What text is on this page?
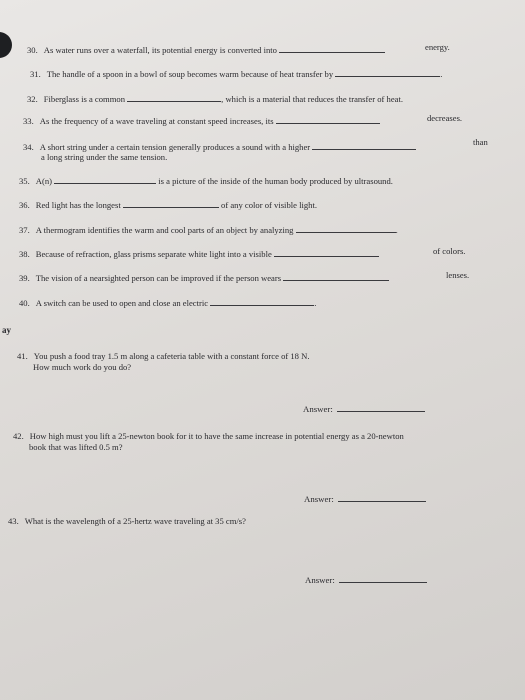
30. As water runs over a waterfall, its potential energy is converted into	energy.
31. The handle of a spoon in a bowl of soup becomes warm because of heat transfer by	.
32. Fiberglass is a common	, which is a material that reduces the transfer of heat.
33. As the frequency of a wave traveling at constant speed increases, its	decreases.
34. A short string under a certain tension generally produces a sound with a higher	than
a long string under the same tension.
35. A(n)	is a picture of the inside of the human body produced by ultrasound.
36. Red light has the longest	of any color of visible light.
37. A thermogram identifies the warm and cool parts of an object by analyzing	.
38. Because of refraction, glass prisms separate white light into a visible	of colors.
39. The vision of a nearsighted person can be improved if the person wears	lenses.
40. A switch can be used to open and close an electric	.
ay
41. You push a food tray 1.5 m along a cafeteria table with a constant force of 18 N.
How much work do you do?
Answer:
42. How high must you lift a 25-newton book for it to have the same increase in potential energy as a 20-newton
book that was lifted 0.5 m?
Answer:
43. What is the wavelength of a 25-hertz wave traveling at 35 cm/s?
Answer:
